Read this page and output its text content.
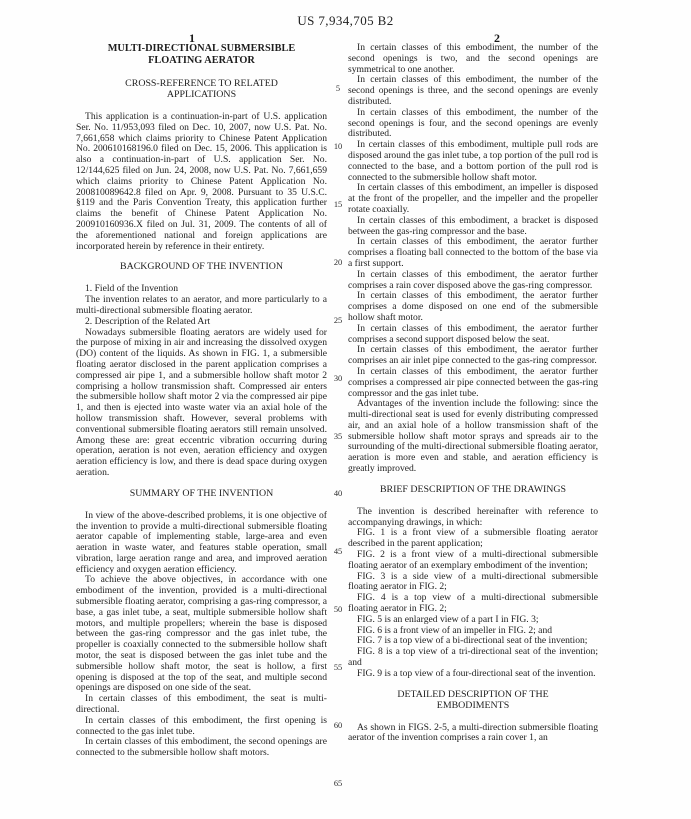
US 7,934,705 B2
1	2
5
10
15
20
25
30
35
40
45
50
55
60
65
MULTI-DIRECTIONAL SUBMERSIBLE FLOATING AERATOR
CROSS-REFERENCE TO RELATED APPLICATIONS

This application is a continuation-in-part of U.S. application Ser. No. 11/953,093 filed on Dec. 10, 2007, now U.S. Pat. No. 7,661,658 which claims priority to Chinese Patent Application No. 200610168196.0 filed on Dec. 15, 2006. This application is also a continuation-in-part of U.S. application Ser. No. 12/144,625 filed on Jun. 24, 2008, now U.S. Pat. No. 7,661,659 which claims priority to Chinese Patent Application No. 200810089642.8 filed on Apr. 9, 2008. Pursuant to 35 U.S.C. §119 and the Paris Convention Treaty, this application further claims the benefit of Chinese Patent Application No. 200910160936.X filed on Jul. 31, 2009. The contents of all of the aforementioned national and foreign applications are incorporated herein by reference in their entirety.

BACKGROUND OF THE INVENTION

1. Field of the Invention

The invention relates to an aerator, and more particularly to a multi-directional submersible floating aerator.

2. Description of the Related Art

Nowadays submersible floating aerators are widely used for the purpose of mixing in air and increasing the dissolved oxygen (DO) content of the liquids. As shown in FIG. 1, a submersible floating aerator disclosed in the parent application comprises a compressed air pipe 1, and a submersible hollow shaft motor 2 comprising a hollow transmission shaft. Compressed air enters the submersible hollow shaft motor 2 via the compressed air pipe 1, and then is ejected into waste water via an axial hole of the hollow transmission shaft. However, several problems with conventional submersible floating aerators still remain unsolved. Among these are: great eccentric vibration occurring during operation, aeration is not even, aeration efficiency and oxygen aeration efficiency is low, and there is dead space during oxygen aeration.

SUMMARY OF THE INVENTION

In view of the above-described problems, it is one objective of the invention to provide a multi-directional submersible floating aerator capable of implementing stable, large-area and even aeration in waste water, and features stable operation, small vibration, large aeration range and area, and improved aeration efficiency and oxygen aeration efficiency.

To achieve the above objectives, in accordance with one embodiment of the invention, provided is a multi-directional submersible floating aerator, comprising a gas-ring compressor, a base, a gas inlet tube, a seat, multiple submersible hollow shaft motors, and multiple propellers; wherein the base is disposed between the gas-ring compressor and the gas inlet tube, the propeller is coaxially connected to the submersible hollow shaft motor, the seat is disposed between the gas inlet tube and the submersible hollow shaft motor, the seat is hollow, a first opening is disposed at the top of the seat, and multiple second openings are disposed on one side of the seat.

In certain classes of this embodiment, the seat is multi-directional.

In certain classes of this embodiment, the first opening is connected to the gas inlet tube.

In certain classes of this embodiment, the second openings are connected to the submersible hollow shaft motors.

In certain classes of this embodiment, the number of the second openings is two, and the second openings are symmetrical to one another.

In certain classes of this embodiment, the number of the second openings is three, and the second openings are evenly distributed.

In certain classes of this embodiment, the number of the second openings is four, and the second openings are evenly distributed.

In certain classes of this embodiment, multiple pull rods are disposed around the gas inlet tube, a top portion of the pull rod is connected to the base, and a bottom portion of the pull rod is connected to the submersible hollow shaft motor.

In certain classes of this embodiment, an impeller is disposed at the front of the propeller, and the impeller and the propeller rotate coaxially.

In certain classes of this embodiment, a bracket is disposed between the gas-ring compressor and the base.

In certain classes of this embodiment, the aerator further comprises a floating ball connected to the bottom of the base via a first support.

In certain classes of this embodiment, the aerator further comprises a rain cover disposed above the gas-ring compressor.

In certain classes of this embodiment, the aerator further comprises a dome disposed on one end of the submersible hollow shaft motor.

In certain classes of this embodiment, the aerator further comprises a second support disposed below the seat.

In certain classes of this embodiment, the aerator further comprises an air inlet pipe connected to the gas-ring compressor.

In certain classes of this embodiment, the aerator further comprises a compressed air pipe connected between the gas-ring compressor and the gas inlet tube.

Advantages of the invention include the following: since the multi-directional seat is used for evenly distributing compressed air, and an axial hole of a hollow transmission shaft of the submersible hollow shaft motor sprays and spreads air to the surrounding of the multi-directional submersible floating aerator, aeration is more even and stable, and aeration efficiency is greatly improved.

BRIEF DESCRIPTION OF THE DRAWINGS

The invention is described hereinafter with reference to accompanying drawings, in which:

FIG. 1 is a front view of a submersible floating aerator described in the parent application;

FIG. 2 is a front view of a multi-directional submersible floating aerator of an exemplary embodiment of the invention;

FIG. 3 is a side view of a multi-directional submersible floating aerator in FIG. 2;

FIG. 4 is a top view of a multi-directional submersible floating aerator in FIG. 2;

FIG. 5 is an enlarged view of a part I in FIG. 3;

FIG. 6 is a front view of an impeller in FIG. 2; and

FIG. 7 is a top view of a bi-directional seat of the invention;

FIG. 8 is a top view of a tri-directional seat of the invention; and

FIG. 9 is a top view of a four-directional seat of the invention.

DETAILED DESCRIPTION OF THE EMBODIMENTS

As shown in FIGS. 2-5, a multi-direction submersible floating aerator of the invention comprises a rain cover 1, an
